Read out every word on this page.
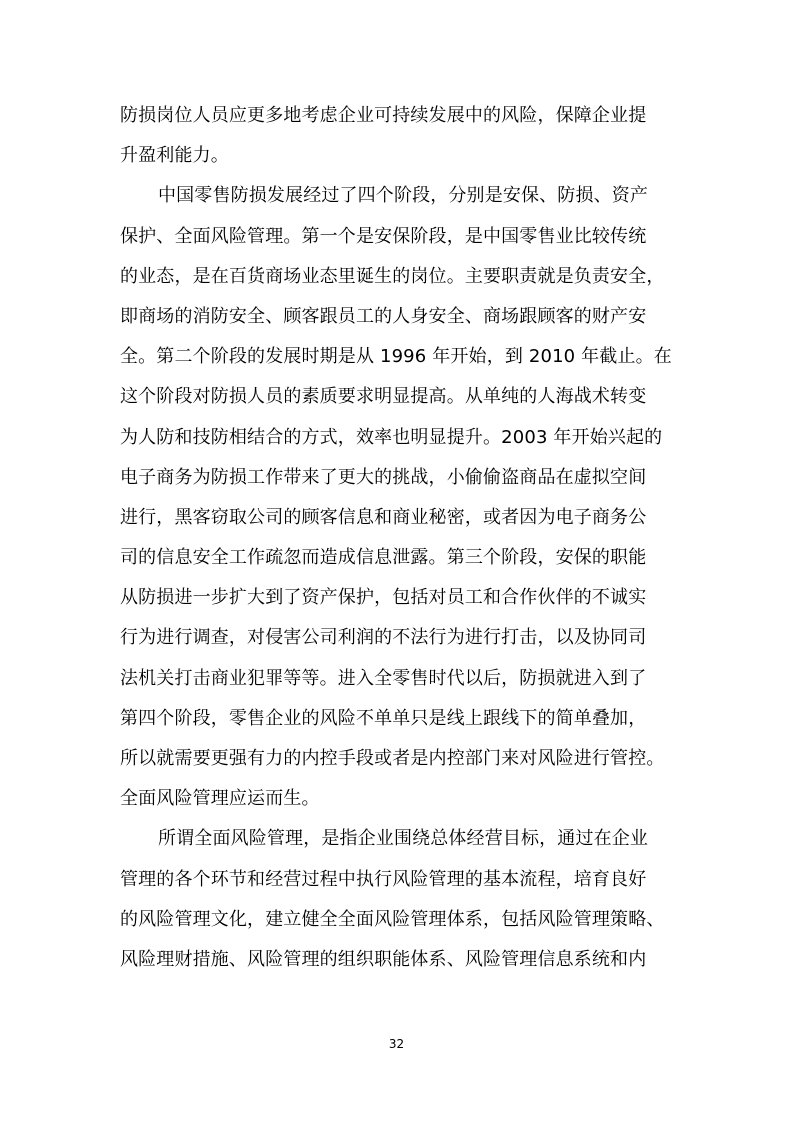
防损岗位人员应更多地考虑企业可持续发展中的风险，保障企业提
升盈利能力。
中国零售防损发展经过了四个阶段，分别是安保、防损、资产
保护、全面风险管理。第一个是安保阶段，是中国零售业比较传统
的业态，是在百货商场业态里诞生的岗位。主要职责就是负责安全，
即商场的消防安全、顾客跟员工的人身安全、商场跟顾客的财产安
全。第二个阶段的发展时期是从 1996 年开始，到 2010 年截止。在
这个阶段对防损人员的素质要求明显提高。从单纯的人海战术转变
为人防和技防相结合的方式，效率也明显提升。2003 年开始兴起的
电子商务为防损工作带来了更大的挑战，小偷偷盗商品在虚拟空间
进行，黑客窃取公司的顾客信息和商业秘密，或者因为电子商务公
司的信息安全工作疏忽而造成信息泄露。第三个阶段，安保的职能
从防损进一步扩大到了资产保护，包括对员工和合作伙伴的不诚实
行为进行调查，对侵害公司利润的不法行为进行打击，以及协同司
法机关打击商业犯罪等等。进入全零售时代以后，防损就进入到了
第四个阶段，零售企业的风险不单单只是线上跟线下的简单叠加，
所以就需要更强有力的内控手段或者是内控部门来对风险进行管控。
全面风险管理应运而生。
所谓全面风险管理，是指企业围绕总体经营目标，通过在企业
管理的各个环节和经营过程中执行风险管理的基本流程，培育良好
的风险管理文化，建立健全全面风险管理体系，包括风险管理策略、
风险理财措施、风险管理的组织职能体系、风险管理信息系统和内
32
